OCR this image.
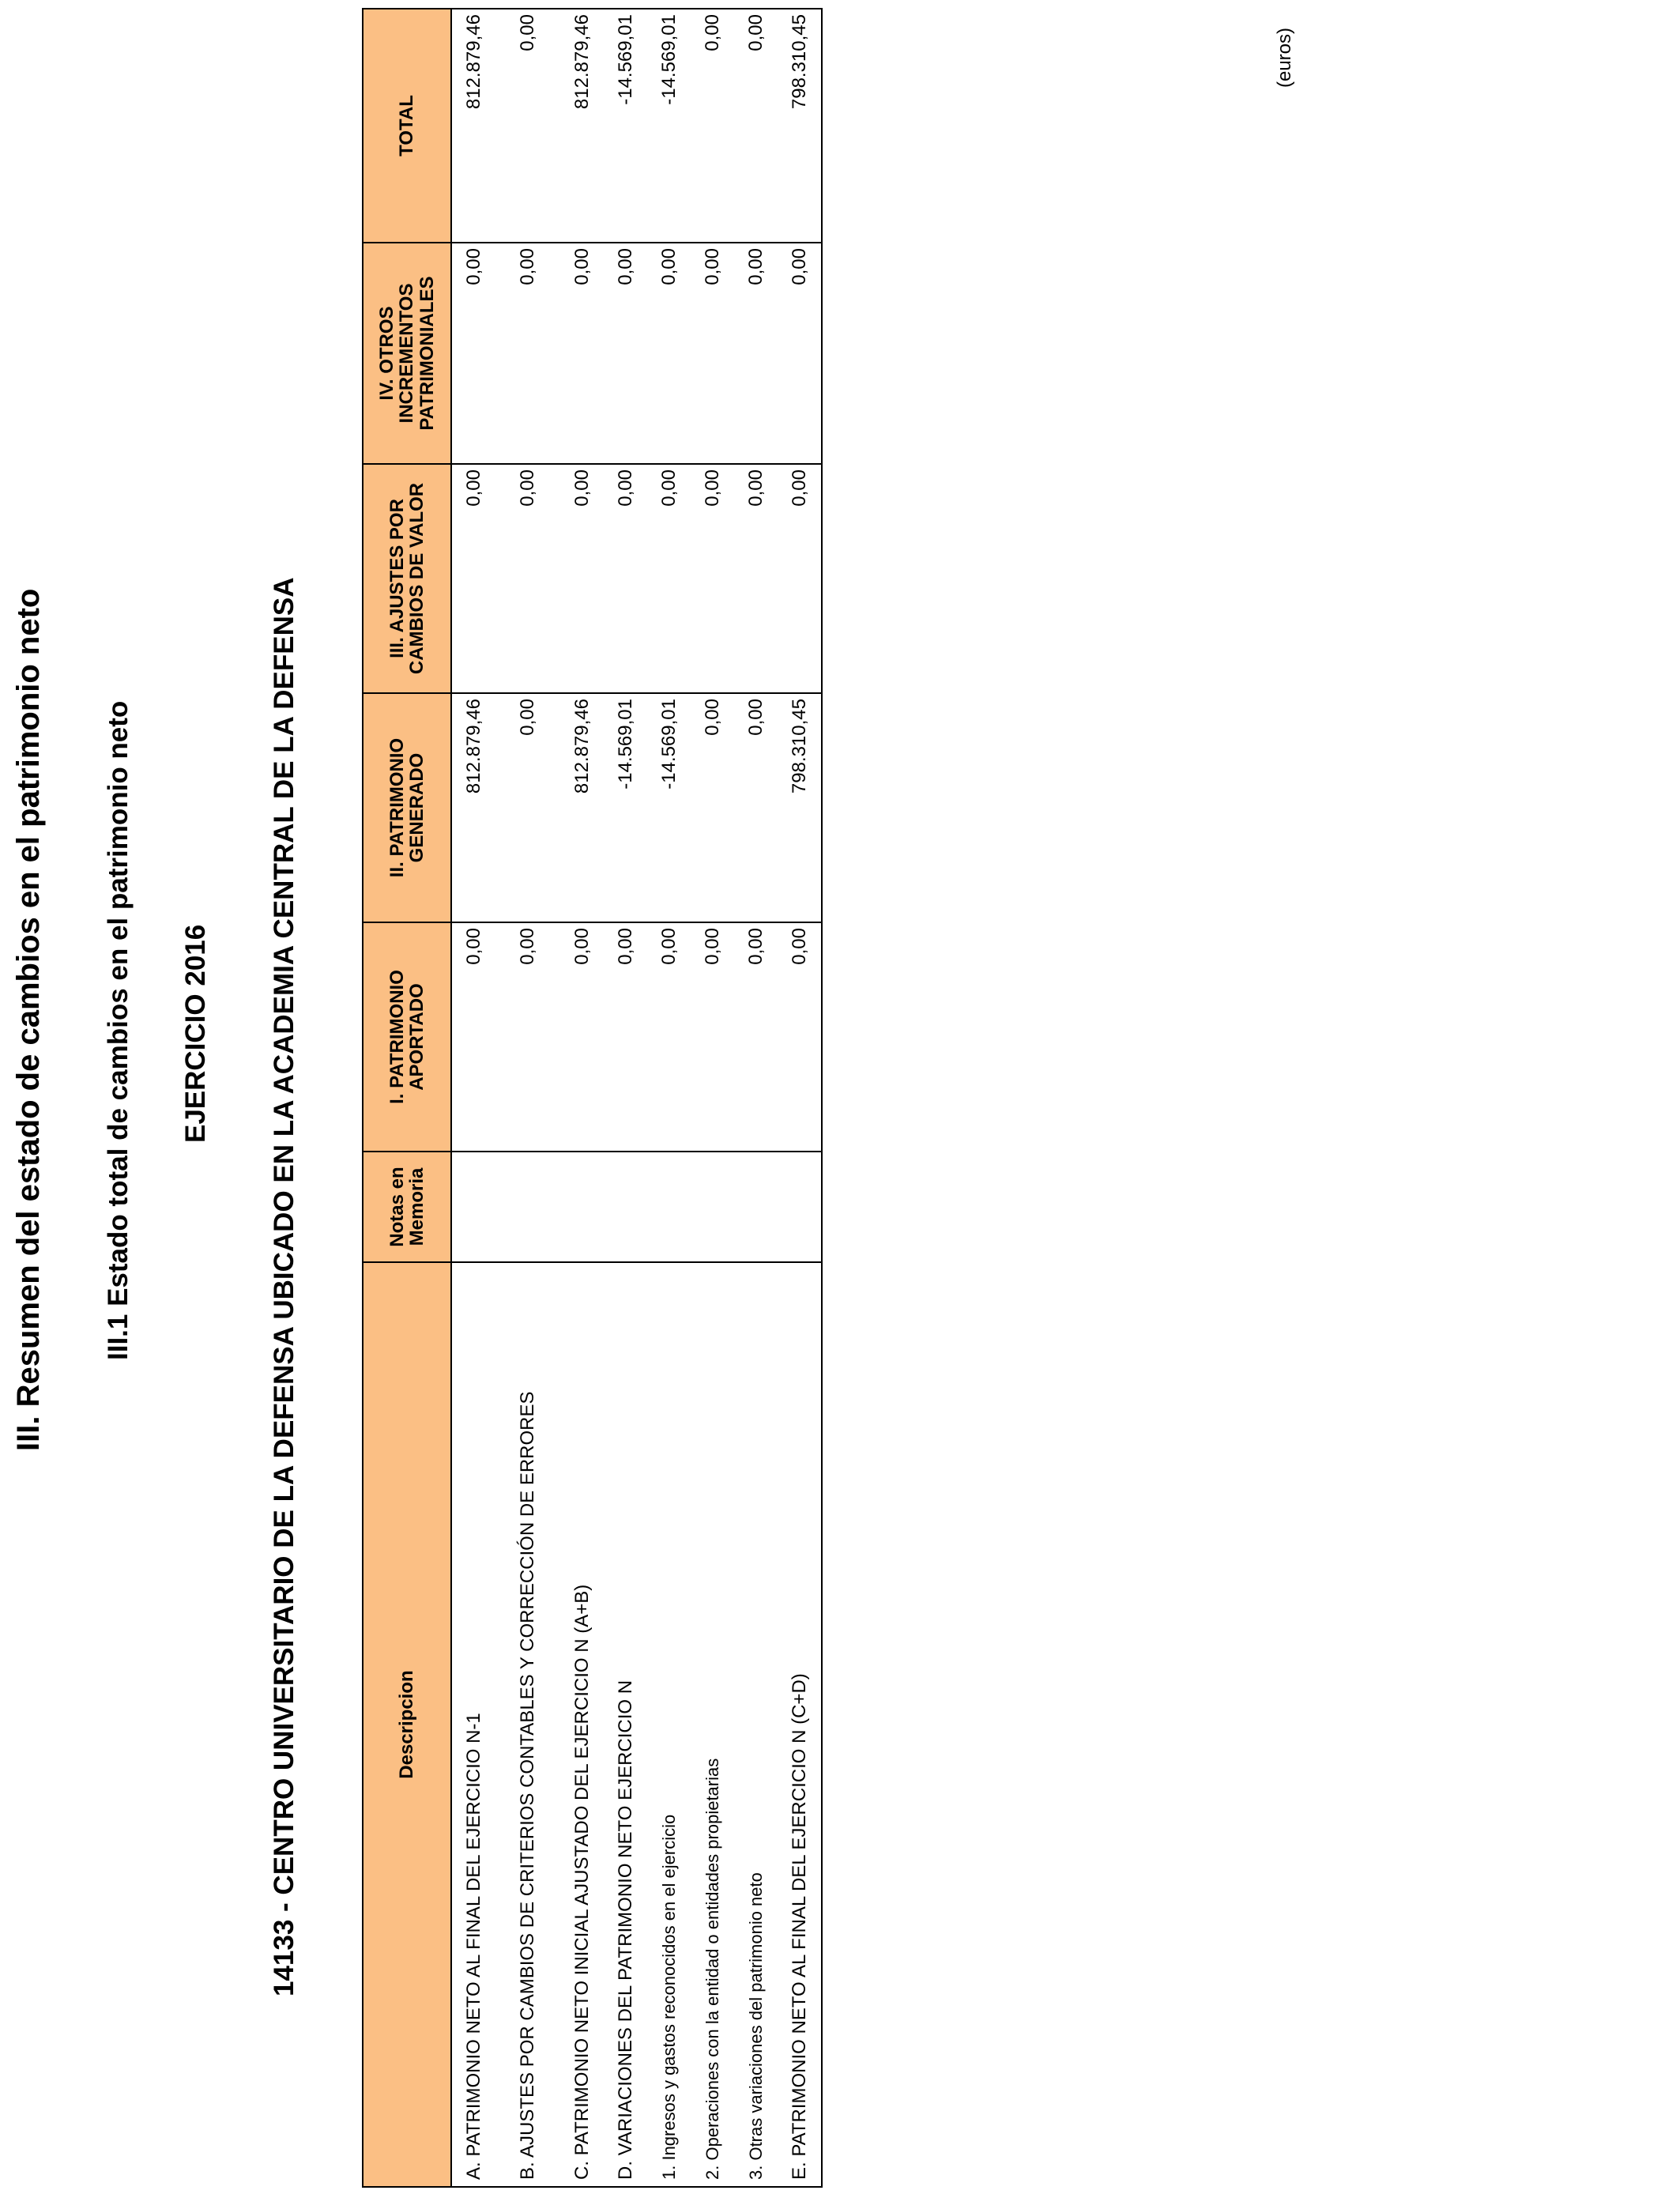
III. Resumen del estado de cambios en el patrimonio neto III.1 Estado total de cambios en el patrimonio neto EJERCICIO 2016 14133 - CENTRO UNIVERSITARIO DE LA DEFENSA UBICADO EN LA ACADEMIA CENTRAL DE LA DEFENSA
(euros)
Descripcion	Notas en Memoria	I. PATRIMONIO APORTADO	II. PATRIMONIO GENERADO	III. AJUSTES POR CAMBIOS DE VALOR	IV. OTROS INCREMENTOS PATRIMONIALES	TOTAL
A. PATRIMONIO NETO AL FINAL DEL EJERCICIO N-1		0,00	812.879,46	0,00	0,00	812.879,46
B. AJUSTES POR CAMBIOS DE CRITERIOS CONTABLES Y CORRECCIÓN DE ERRORES		0,00	0,00	0,00	0,00	0,00
C. PATRIMONIO NETO INICIAL AJUSTADO DEL EJERCICIO N (A+B)		0,00	812.879,46	0,00	0,00	812.879,46
D. VARIACIONES DEL PATRIMONIO NETO EJERCICIO N		0,00	-14.569,01	0,00	0,00	-14.569,01
1. Ingresos y gastos reconocidos en el ejercicio		0,00	-14.569,01	0,00	0,00	-14.569,01
2. Operaciones con la entidad o entidades propietarias		0,00	0,00	0,00	0,00	0,00
3. Otras variaciones del patrimonio neto		0,00	0,00	0,00	0,00	0,00
E. PATRIMONIO NETO AL FINAL DEL EJERCICIO N (C+D)		0,00	798.310,45	0,00	0,00	798.310,45
